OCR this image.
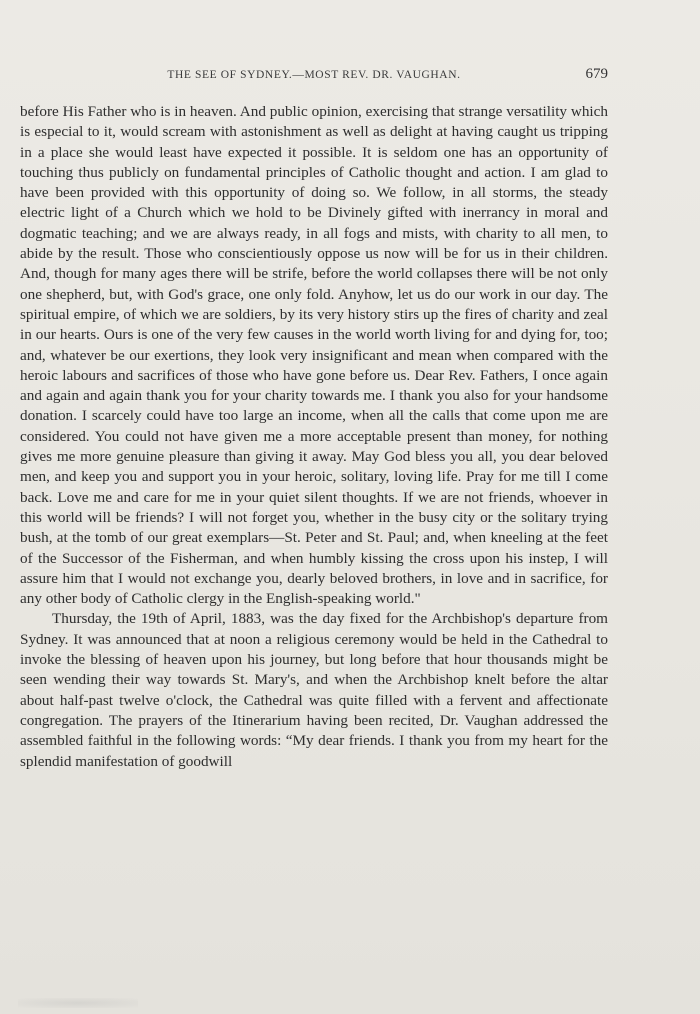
THE SEE OF SYDNEY.—MOST REV. DR. VAUGHAN.	679

before His Father who is in heaven. And public opinion, exercising that strange versatility which is especial to it, would scream with astonishment as well as delight at having caught us tripping in a place she would least have expected it possible. It is seldom one has an opportunity of touching thus publicly on fundamental principles of Catholic thought and action. I am glad to have been provided with this opportunity of doing so. We follow, in all storms, the steady electric light of a Church which we hold to be Divinely gifted with inerrancy in moral and dogmatic teaching; and we are always ready, in all fogs and mists, with charity to all men, to abide by the result. Those who conscientiously oppose us now will be for us in their children. And, though for many ages there will be strife, before the world collapses there will be not only one shepherd, but, with God's grace, one only fold. Anyhow, let us do our work in our day. The spiritual empire, of which we are soldiers, by its very history stirs up the fires of charity and zeal in our hearts. Ours is one of the very few causes in the world worth living for and dying for, too; and, whatever be our exertions, they look very insignificant and mean when compared with the heroic labours and sacrifices of those who have gone before us. Dear Rev. Fathers, I once again and again and again thank you for your charity towards me. I thank you also for your handsome donation. I scarcely could have too large an income, when all the calls that come upon me are considered. You could not have given me a more acceptable present than money, for nothing gives me more genuine pleasure than giving it away. May God bless you all, you dear beloved men, and keep you and support you in your heroic, solitary, loving life. Pray for me till I come back. Love me and care for me in your quiet silent thoughts. If we are not friends, whoever in this world will be friends? I will not forget you, whether in the busy city or the solitary trying bush, at the tomb of our great exemplars—St. Peter and St. Paul; and, when kneeling at the feet of the Successor of the Fisherman, and when humbly kissing the cross upon his instep, I will assure him that I would not exchange you, dearly beloved brothers, in love and in sacrifice, for any other body of Catholic clergy in the English-speaking world."

Thursday, the 19th of April, 1883, was the day fixed for the Archbishop's departure from Sydney. It was announced that at noon a religious ceremony would be held in the Cathedral to invoke the blessing of heaven upon his journey, but long before that hour thousands might be seen wending their way towards St. Mary's, and when the Archbishop knelt before the altar about half-past twelve o'clock, the Cathedral was quite filled with a fervent and affectionate congregation. The prayers of the Itinerarium having been recited, Dr. Vaughan addressed the assembled faithful in the following words: “My dear friends. I thank you from my heart for the splendid manifestation of goodwill
